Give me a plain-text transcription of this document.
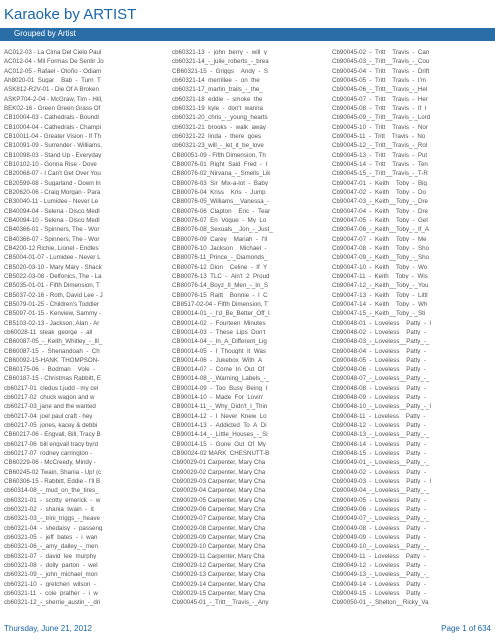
Karaoke by ARTIST
Grouped by Artist
AC012-03 - La Cima Del Cielo Paul
AC012-04 - Mil Formas De Sentir Jo
AC012-05 - Rafael - Otoño - Odiam
Ah8020-01_Sugar__Bab_-_Turn_T
ASK812-R2V-01 - Die Of A Broken
ASKP704-2-04 - McGraw, Tim - Hill,
BEK02-16 - Green Green Grass Of
CB10004-03 - Cathedrals - Boundl
CB10004-04 - Cathedrals - Champi
CB10011-04 - Greater Vision - If Th
CB10091-09 - Surrender - Williams,
CB10098-03 - Stand Up - Everyday
CB10102-10 - Gonna Rise - Dove
CB20068-07 - I Can't Get Over You
CB20599-08 - Sugarland - Down In
CB20620-06 - Craig Morgan - Para
CB30040-11 - Lumidee - Never Le
CB40094-04 - Selena - Disco Medl
CB40094-10 - Selena - Disco Medl
CB40366-01 - Spinners, The - Wor
CB40366-07 - Spinners, The - Wor
CB4200-12 Richie, Lionel - Endles
CB5004-01-07 - Lumidee - Never L
CB5020-03-10 - Mary Mary - Shack
CB5022-03-08 - Delfonics, The - La
CB5035-01-01 - Fifth Dimension, T
CB5037-02-16 - Roth, David Lee - J
CB5079-01-25 - Children's Toddler
CB5097-01-15 - Kenview, Sammy -
CB5103-02-13 - Jackson, Alan - Ar
cb60028-11_steak_george_-_all_
CB60087-05_-_Keith_Whitley_-_Ill_
CB60087-15_-_Shenandoah_-_Ch
CB60092-15-HANK_THOMPSON-
CB60175-06_-_Bodman__Vole_-_
CB60187-15 - Christmas Rabbitt, E
cb60217-01_cledus t.judd - my cel
cb60217-02_chuck wagon and w
cb60217-03_jane and the wanted
cb60217-04_joel paul craft - hey
cb60217-05_jones, kacey & debbi
CB60217-06 - Engvall, Bill, Tracy B
cb60217-06_bill engvall tracy byrd
cb60217-07_rodney carrington -
CB60229-06 - McCreedy, Mindy -
CB60245-02 Twain, Shania - Up! (c
CB60306-15 - Rabbitt, Eddie - I'll B
cb60314-08_-_mud_on_the_tires_
cb60321-01_-_scotty_emerick_-_w
cb60321-02_-_shania_twain_-_it_
cb60321-03_-_trini_triggs_-_heave
cb60321-04_-_shedaisy_-_passeng
cb60321-05_-_jeff_bates_-_i_wan
cb60321-06_-_amy_dalley_-_men
cb60321-07_-_david_lee_murphy
cb60321-08_-_dolly_parton_-_wel
cb60321-09_-_john_michael_mon
cb60321-10_-_gretchen_wilson_-_
cb60321-11_-_cole_prather_-_i_w
cb60321-12_-_sherrie_austin_-_dri
cb60321-13_-_john_berry_-_will_y
cb60321-14_-_julie_roberts_-_brea
CB60321-15_-_Griggs__Andy_-_S
cb60321-14_merrillee_-_on_the_
cb60321-17_martin_trails_-_the_
cb60321-18_eddie_-_smoke_the_
cb60321-19_kyle_-_don't_wanna_
cb60321-20_chris_-_young_hearts
cb60321-21_brooks_-_walk_away
cb60321-22_linda_-_there_goes
cb60321-23_will_-_let_it_be_love
CB80051-09 - Fifth Dimension, Th
CB80076-01_Right_Said_Fred_-_I
CB80076-02_Nirvana_-_Smells_Lik
CB80076-03_Sir_Mix-a-lot_-_Baby_
CB80076-04_Kriss__Kris_-_Jump
CB80076-05_Williams__Vanessa_-
CB80076-06_Clapton__Eric_-_Tear
CB80076-07_En_Vogue_-_My_Lo
CB80076-08_Sexuals__Jon_-_Just_
CB80076-09_Carey__Mariah_-_I'll_
CB80076-10_Jackson__Michael_-_
CB80076-11_Prince_-_Diamonds_
CB80076-12_Dion__Celine_-_If_Y
CB80076-13_TLC_-_Ain't_2_Proud
CB80076-14_Boyz_II_Men_-_In_S
CB80076-15_Raitt__Bonnie_-_I_C
CB8517-02-04 - Fifth Dimension, T
CB90014-01_-_I'd_Be_Better_Off_I
CB90014-02_-_Fourteen_Minutes
CB90014-03_-_These_Lips_Don't_
CB90014-04_-_In_A_Different_Lig
CB90014-05_-_I_Thought_It_Was
CB90014-06_-_Jukebox_With_A_
CB90014-07_-_Come_In_Out_Of_
CB90014-08_-_Warning_Labels_-_
CB90014-09_-_Too_Busy_Being_I
CB90014-10_-_Made_For_Lovin'_
CB90014-11_-_Why_Didn't_I_Thin
CB90014-12_-_I_Never_Knew_Lo
CB90014-13_-_Addicted_To_A_Di
CB90014-14_-_Little_Houses_-_Si
CB90014-15_-_Gone_Out_Of_My
CB90024-02 MARK_CHESNUTT-B
Cb90029-01 Carpenter, Mary Cha
Cb90029-02 Carpenter, Mary Cha
Cb90029-03 Carpenter, Mary Cha
Cb90029-04 Carpenter, Mary Cha
Cb90029-05 Carpenter, Mary Cha
Cb90029-06 Carpenter, Mary Cha
Cb90029-07 Carpenter, Mary Cha
Cb90029-08 Carpenter, Mary Cha
Cb90029-09 Carpenter, Mary Cha
Cb90029-10 Carpenter, Mary Cha
Cb90029-11 Carpenter, Mary Cha
Cb90029-12 Carpenter, Mary Cha
Cb90029-13 Carpenter, Mary Cha
Cb90029-14 Carpenter, Mary Cha
Cb90029-15 Carpenter, Mary Cha
Cb90045-01_-_Tritt__Travis_-_Any
Cb90045-02_-_Tritt__Travis_-_Can
Cb90045-03_-_Tritt__Travis_-_Cou
Cb90045-04_-_Tritt__Travis_-_Drift
Cb90045-05_-_Tritt__Travis_-_I'm_
Cb90045-06_-_Tritt__Travis_-_Hel
Cb90045-07_-_Tritt__Travis_-_Her
Cb90045-08_-_Tritt__Travis_-_If_I_
Cb90045-09_-_Tritt__Travis_-_Lord
Cb90045-10_-_Tritt__Travis_-_Nor
Cb90045-11_-_Tritt__Travis_-_No_
Cb90045-12_-_Tritt__Travis_-_Rol
Cb90045-13_-_Tritt__Travis_-_Put_
Cb90045-14_-_Tritt__Travis_-_Ten
Cb90045-15_-_Tritt__Travis_-_T-R
Cb90047-01_-_Keith__Toby_-_Big
Cb90047-02_-_Keith__Toby_-_Do
Cb90047-03_-_Keith__Toby_-_Dre
Cb90047-04_-_Keith__Toby_-_Dre
Cb90047-05_-_Keith__Toby_-_Get
Cb90047-06_-_Keith__Toby_-_If_A
Cb90047-07_-_Keith__Toby_-_Me
Cb90047-08_-_Keith__Toby_-_Sho
Cb90047-09_-_Keith__Toby_-_Sho
Cb90047-10_-_Keith__Toby_-_Wo
Cb90047-11_-_Keith__Toby_-_Wis
Cb90047-12_-_Keith__Toby_-_You
Cb90047-13_-_Keith__Toby_-_Littl
Cb90047-14_-_Keith__Toby_-_Wh
Cb90047-15_-_Keith__Toby_-_Sti
Cb90048-01_-_Loveless__Patty_-_I
Cb90048-02_-_Loveless__Patty_-_
Cb90048-03_-_Loveless__Patty_-_
Cb90048-04_-_Loveless__Patty_-_
Cb90048-05_-_Loveless__Patty_-_
Cb90048-06_-_Loveless__Patty_-_
Cb90048-07_-_Loveless__Patty_-_
Cb90048-08_-_Loveless__Patty_-_
Cb90048-09_-_Loveless__Patty_-_
Cb90048-10_-_Loveless__Patty_-_I
Cb90048-11_-_Loveless__Patty_-_
Cb90048-12_-_Loveless__Patty_-_
Cb90048-13_-_Loveless__Patty_-_
Cb90048-14_-_Loveless__Patty_-_
Cb90048-15_-_Loveless__Patty_-_
Cb90049-01_-_Loveless__Patty_-_
Cb90049-02_-_Loveless__Patty_-_
Cb90049-03_-_Loveless__Patty_-_I
Cb90049-04_-_Loveless__Patty_-_
Cb90049-05_-_Loveless__Patty_-_
Cb90049-06_-_Loveless__Patty_-_
Cb90049-07_-_Loveless__Patty_-_
Cb90049-08_-_Loveless__Patty_-_
Cb90049-09_-_Loveless__Patty_-_
Cb90049-10_-_Loveless__Patty_-_
Cb90049-11_-_Loveless__Patty_-_
Cb90049-12_-_Loveless__Patty_-_
Cb90049-13_-_Loveless__Patty_-_
Cb90049-14_-_Loveless__Patty_-_
Cb90049-15_-_Loveless__Patty_-_
Cb90050-01_-_Shelton__Ricky_Va
Thursday, June 21, 2012	Page 1 of 634
